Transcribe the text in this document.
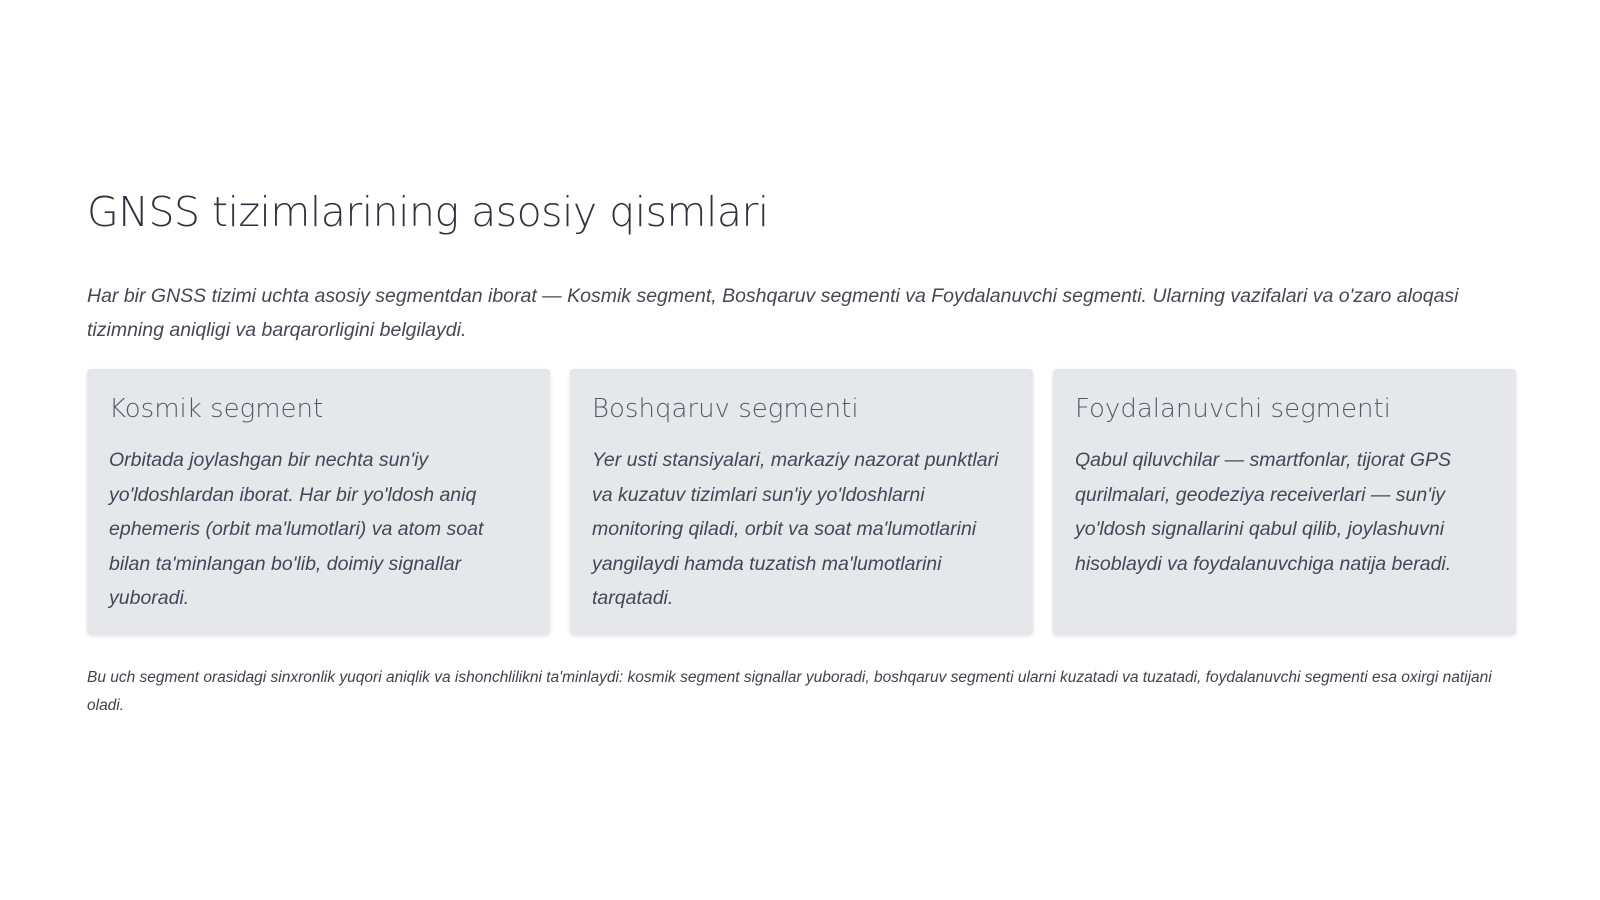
GNSS tizimlarining asosiy qismlari

Har bir GNSS tizimi uchta asosiy segmentdan iborat — Kosmik segment, Boshqaruv segmenti va Foydalanuvchi segmenti. Ularning vazifalari va o'zaro aloqasi tizimning aniqligi va barqarorligini belgilaydi.

Kosmik segment

Orbitada joylashgan bir nechta sun'iy yo'ldoshlardan iborat. Har bir yo'ldosh aniq ephemeris (orbit ma'lumotlari) va atom soat bilan ta'minlangan bo'lib, doimiy signallar yuboradi.

Boshqaruv segmenti

Yer usti stansiyalari, markaziy nazorat punktlari va kuzatuv tizimlari sun'iy yo'ldoshlarni monitoring qiladi, orbit va soat ma'lumotlarini yangilaydi hamda tuzatish ma'lumotlarini tarqatadi.

Foydalanuvchi segmenti

Qabul qiluvchilar — smartfonlar, tijorat GPS qurilmalari, geodeziya receiverlari — sun'iy yo'ldosh signallarini qabul qilib, joylashuvni hisoblaydi va foydalanuvchiga natija beradi.

Bu uch segment orasidagi sinxronlik yuqori aniqlik va ishonchlilikni ta'minlaydi: kosmik segment signallar yuboradi, boshqaruv segmenti ularni kuzatadi va tuzatadi, foydalanuvchi segmenti esa oxirgi natijani oladi.
